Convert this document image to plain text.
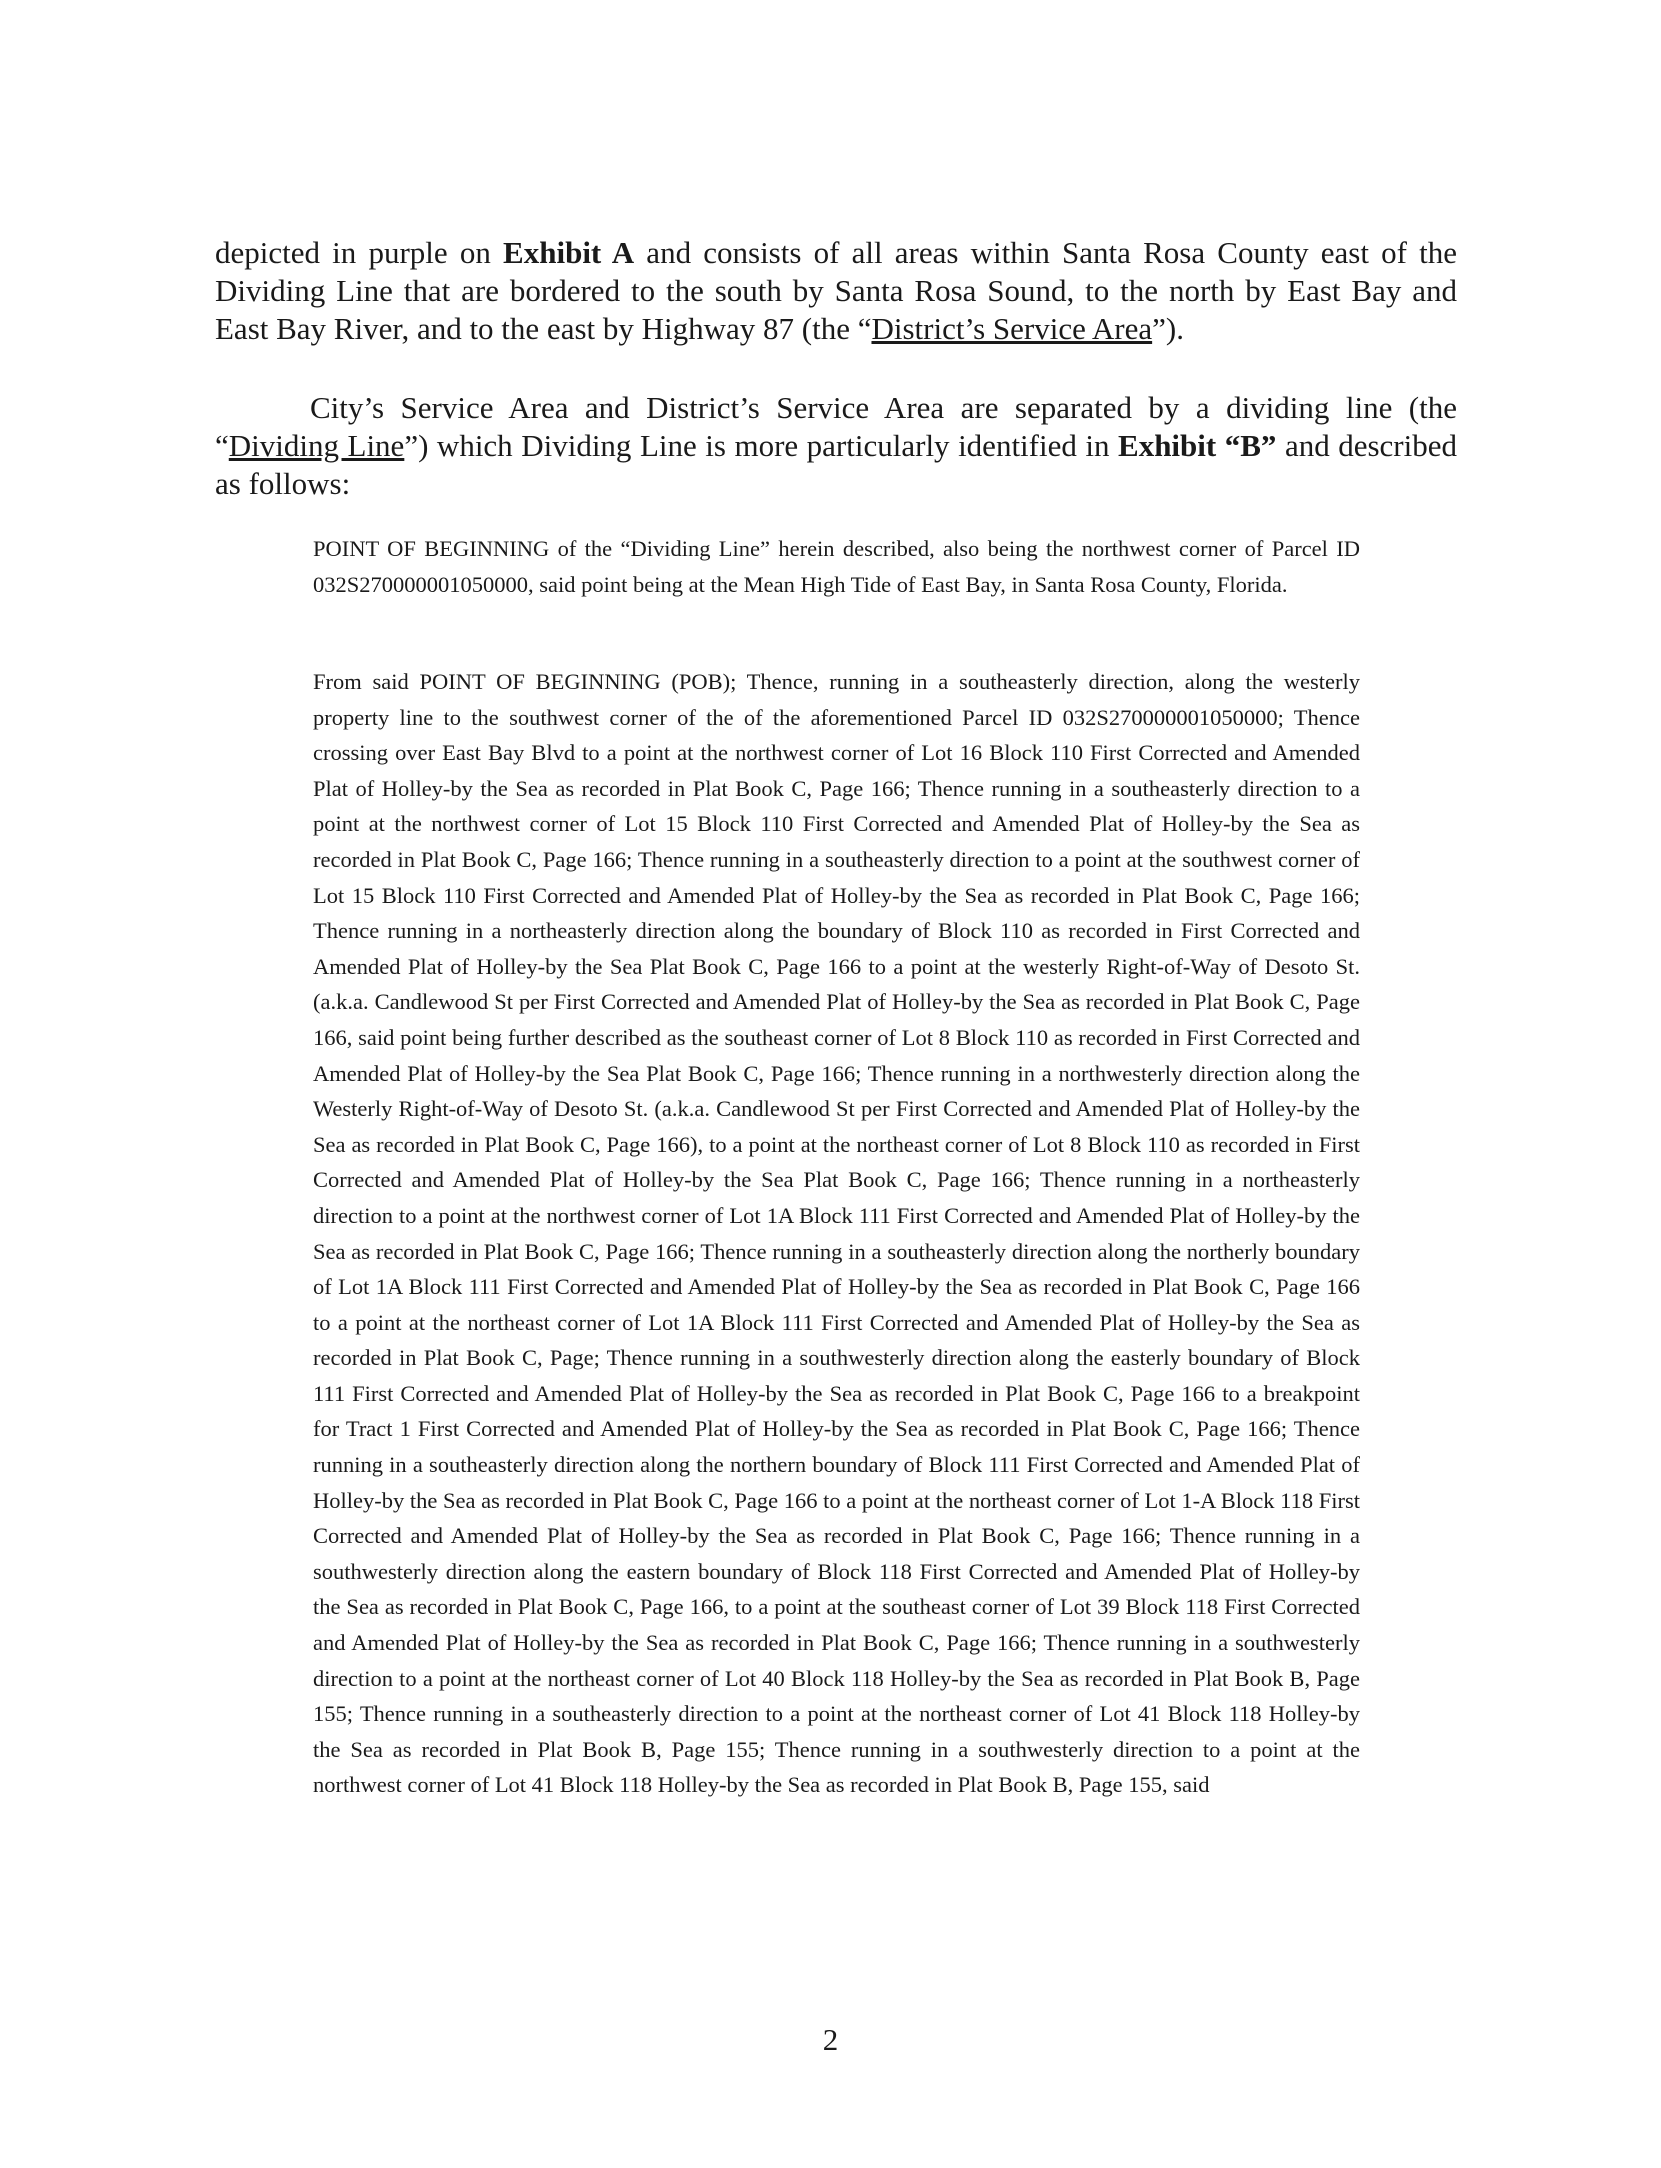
depicted in purple on Exhibit A and consists of all areas within Santa Rosa County east of the Dividing Line that are bordered to the south by Santa Rosa Sound, to the north by East Bay and East Bay River, and to the east by Highway 87 (the “District’s Service Area”).

City’s Service Area and District’s Service Area are separated by a dividing line (the “Dividing Line”) which Dividing Line is more particularly identified in Exhibit “B” and described as follows:

POINT OF BEGINNING of the “Dividing Line” herein described, also being the northwest corner of Parcel ID 032S270000001050000, said point being at the Mean High Tide of East Bay, in Santa Rosa County, Florida.

From said POINT OF BEGINNING (POB); Thence, running in a southeasterly direction, along the westerly property line to the southwest corner of the of the aforementioned Parcel ID 032S270000001050000; Thence crossing over East Bay Blvd to a point at the northwest corner of Lot 16 Block 110 First Corrected and Amended Plat of Holley-by the Sea as recorded in Plat Book C, Page 166; Thence running in a southeasterly direction to a point at the northwest corner of Lot 15 Block 110 First Corrected and Amended Plat of Holley-by the Sea as recorded in Plat Book C, Page 166; Thence running in a southeasterly direction to a point at the southwest corner of Lot 15 Block 110 First Corrected and Amended Plat of Holley-by the Sea as recorded in Plat Book C, Page 166; Thence running in a northeasterly direction along the boundary of Block 110 as recorded in First Corrected and Amended Plat of Holley-by the Sea Plat Book C, Page 166 to a point at the westerly Right-of-Way of Desoto St. (a.k.a. Candlewood St per First Corrected and Amended Plat of Holley-by the Sea as recorded in Plat Book C, Page 166, said point being further described as the southeast corner of Lot 8 Block 110 as recorded in First Corrected and Amended Plat of Holley-by the Sea Plat Book C, Page 166; Thence running in a northwesterly direction along the Westerly Right-of-Way of Desoto St. (a.k.a. Candlewood St per First Corrected and Amended Plat of Holley-by the Sea as recorded in Plat Book C, Page 166), to a point at the northeast corner of Lot 8 Block 110 as recorded in First Corrected and Amended Plat of Holley-by the Sea Plat Book C, Page 166; Thence running in a northeasterly direction to a point at the northwest corner of Lot 1A Block 111 First Corrected and Amended Plat of Holley-by the Sea as recorded in Plat Book C, Page 166; Thence running in a southeasterly direction along the northerly boundary of Lot 1A Block 111 First Corrected and Amended Plat of Holley-by the Sea as recorded in Plat Book C, Page 166 to a point at the northeast corner of Lot 1A Block 111 First Corrected and Amended Plat of Holley-by the Sea as recorded in Plat Book C, Page; Thence running in a southwesterly direction along the easterly boundary of Block 111 First Corrected and Amended Plat of Holley-by the Sea as recorded in Plat Book C, Page 166 to a breakpoint for Tract 1 First Corrected and Amended Plat of Holley-by the Sea as recorded in Plat Book C, Page 166; Thence running in a southeasterly direction along the northern boundary of Block 111 First Corrected and Amended Plat of Holley-by the Sea as recorded in Plat Book C, Page 166 to a point at the northeast corner of Lot 1-A Block 118 First Corrected and Amended Plat of Holley-by the Sea as recorded in Plat Book C, Page 166; Thence running in a southwesterly direction along the eastern boundary of Block 118 First Corrected and Amended Plat of Holley-by the Sea as recorded in Plat Book C, Page 166, to a point at the southeast corner of Lot 39 Block 118 First Corrected and Amended Plat of Holley-by the Sea as recorded in Plat Book C, Page 166; Thence running in a southwesterly direction to a point at the northeast corner of Lot 40 Block 118 Holley-by the Sea as recorded in Plat Book B, Page 155; Thence running in a southeasterly direction to a point at the northeast corner of Lot 41 Block 118 Holley-by the Sea as recorded in Plat Book B, Page 155; Thence running in a southwesterly direction to a point at the northwest corner of Lot 41 Block 118 Holley-by the Sea as recorded in Plat Book B, Page 155, said

2
